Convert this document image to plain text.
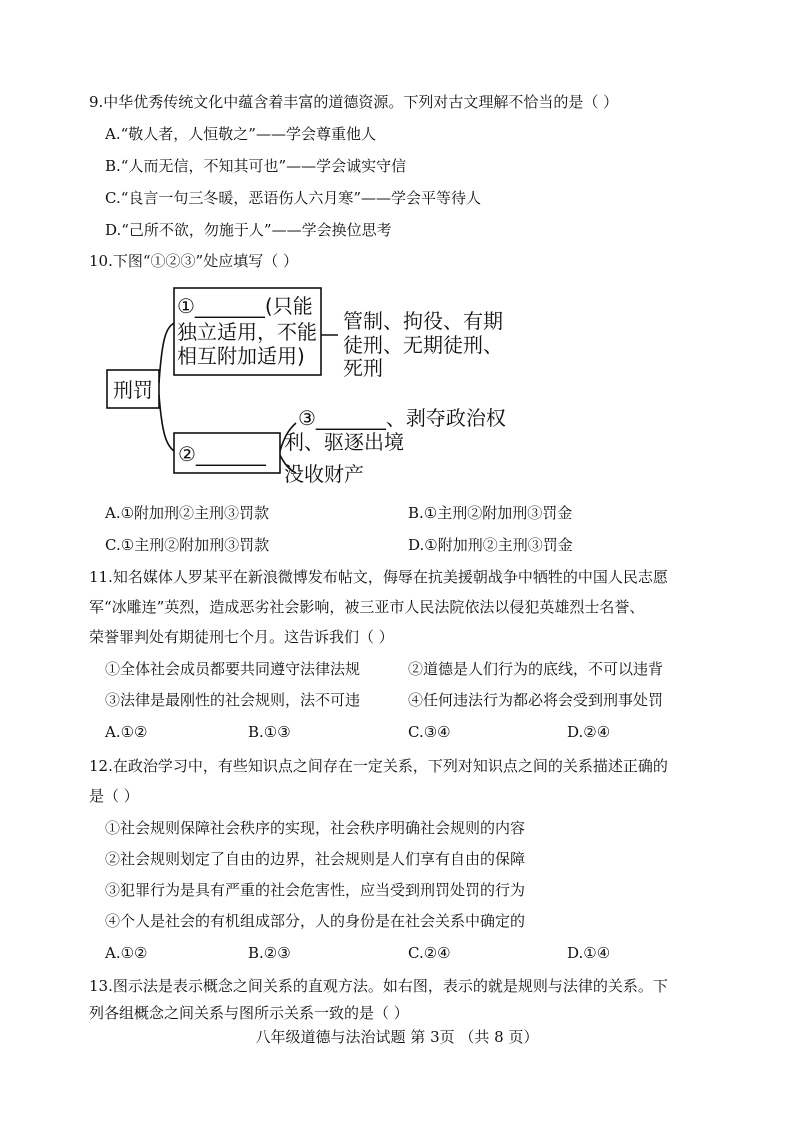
9.中华优秀传统文化中蕴含着丰富的道德资源。下列对古文理解不恰当的是（ ）
A.“敬人者，人恒敬之”——学会尊重他人
B.“人而无信，不知其可也”——学会诚实守信
C.“良言一句三冬暖，恶语伤人六月寒”——学会平等待人
D.“己所不欲，勿施于人”——学会换位思考
10.下图“①②③”处应填写（ ）
刑罚
①_______(只能
独立适用，不能
相互附加适用)
管制、拘役、有期
徒刑、无期徒刑、
死刑
②_______
③_______、剥夺政治权
利、驱逐出境
没收财产
A.①附加刑②主刑③罚款	B.①主刑②附加刑③罚金
C.①主刑②附加刑③罚款	D.①附加刑②主刑③罚金
11.知名媒体人罗某平在新浪微博发布帖文，侮辱在抗美援朝战争中牺牲的中国人民志愿
军“冰雕连”英烈，造成恶劣社会影响，被三亚市人民法院依法以侵犯英雄烈士名誉、
荣誉罪判处有期徒刑七个月。这告诉我们（ ）
①全体社会成员都要共同遵守法律法规	②道德是人们行为的底线，不可以违背
③法律是最刚性的社会规则，法不可违	④任何违法行为都必将会受到刑事处罚
A.①②	B.①③	C.③④	D.②④
12.在政治学习中，有些知识点之间存在一定关系，下列对知识点之间的关系描述正确的
是（ ）
①社会规则保障社会秩序的实现，社会秩序明确社会规则的内容
②社会规则划定了自由的边界，社会规则是人们享有自由的保障
③犯罪行为是具有严重的社会危害性，应当受到刑罚处罚的行为
④个人是社会的有机组成部分，人的身份是在社会关系中确定的
A.①②	B.②③	C.②④	D.①④
13.图示法是表示概念之间关系的直观方法。如右图，表示的就是规则与法律的关系。下
列各组概念之间关系与图所示关系一致的是（ ）
八年级道德与法治试题 第 3页 （共 8 页）
